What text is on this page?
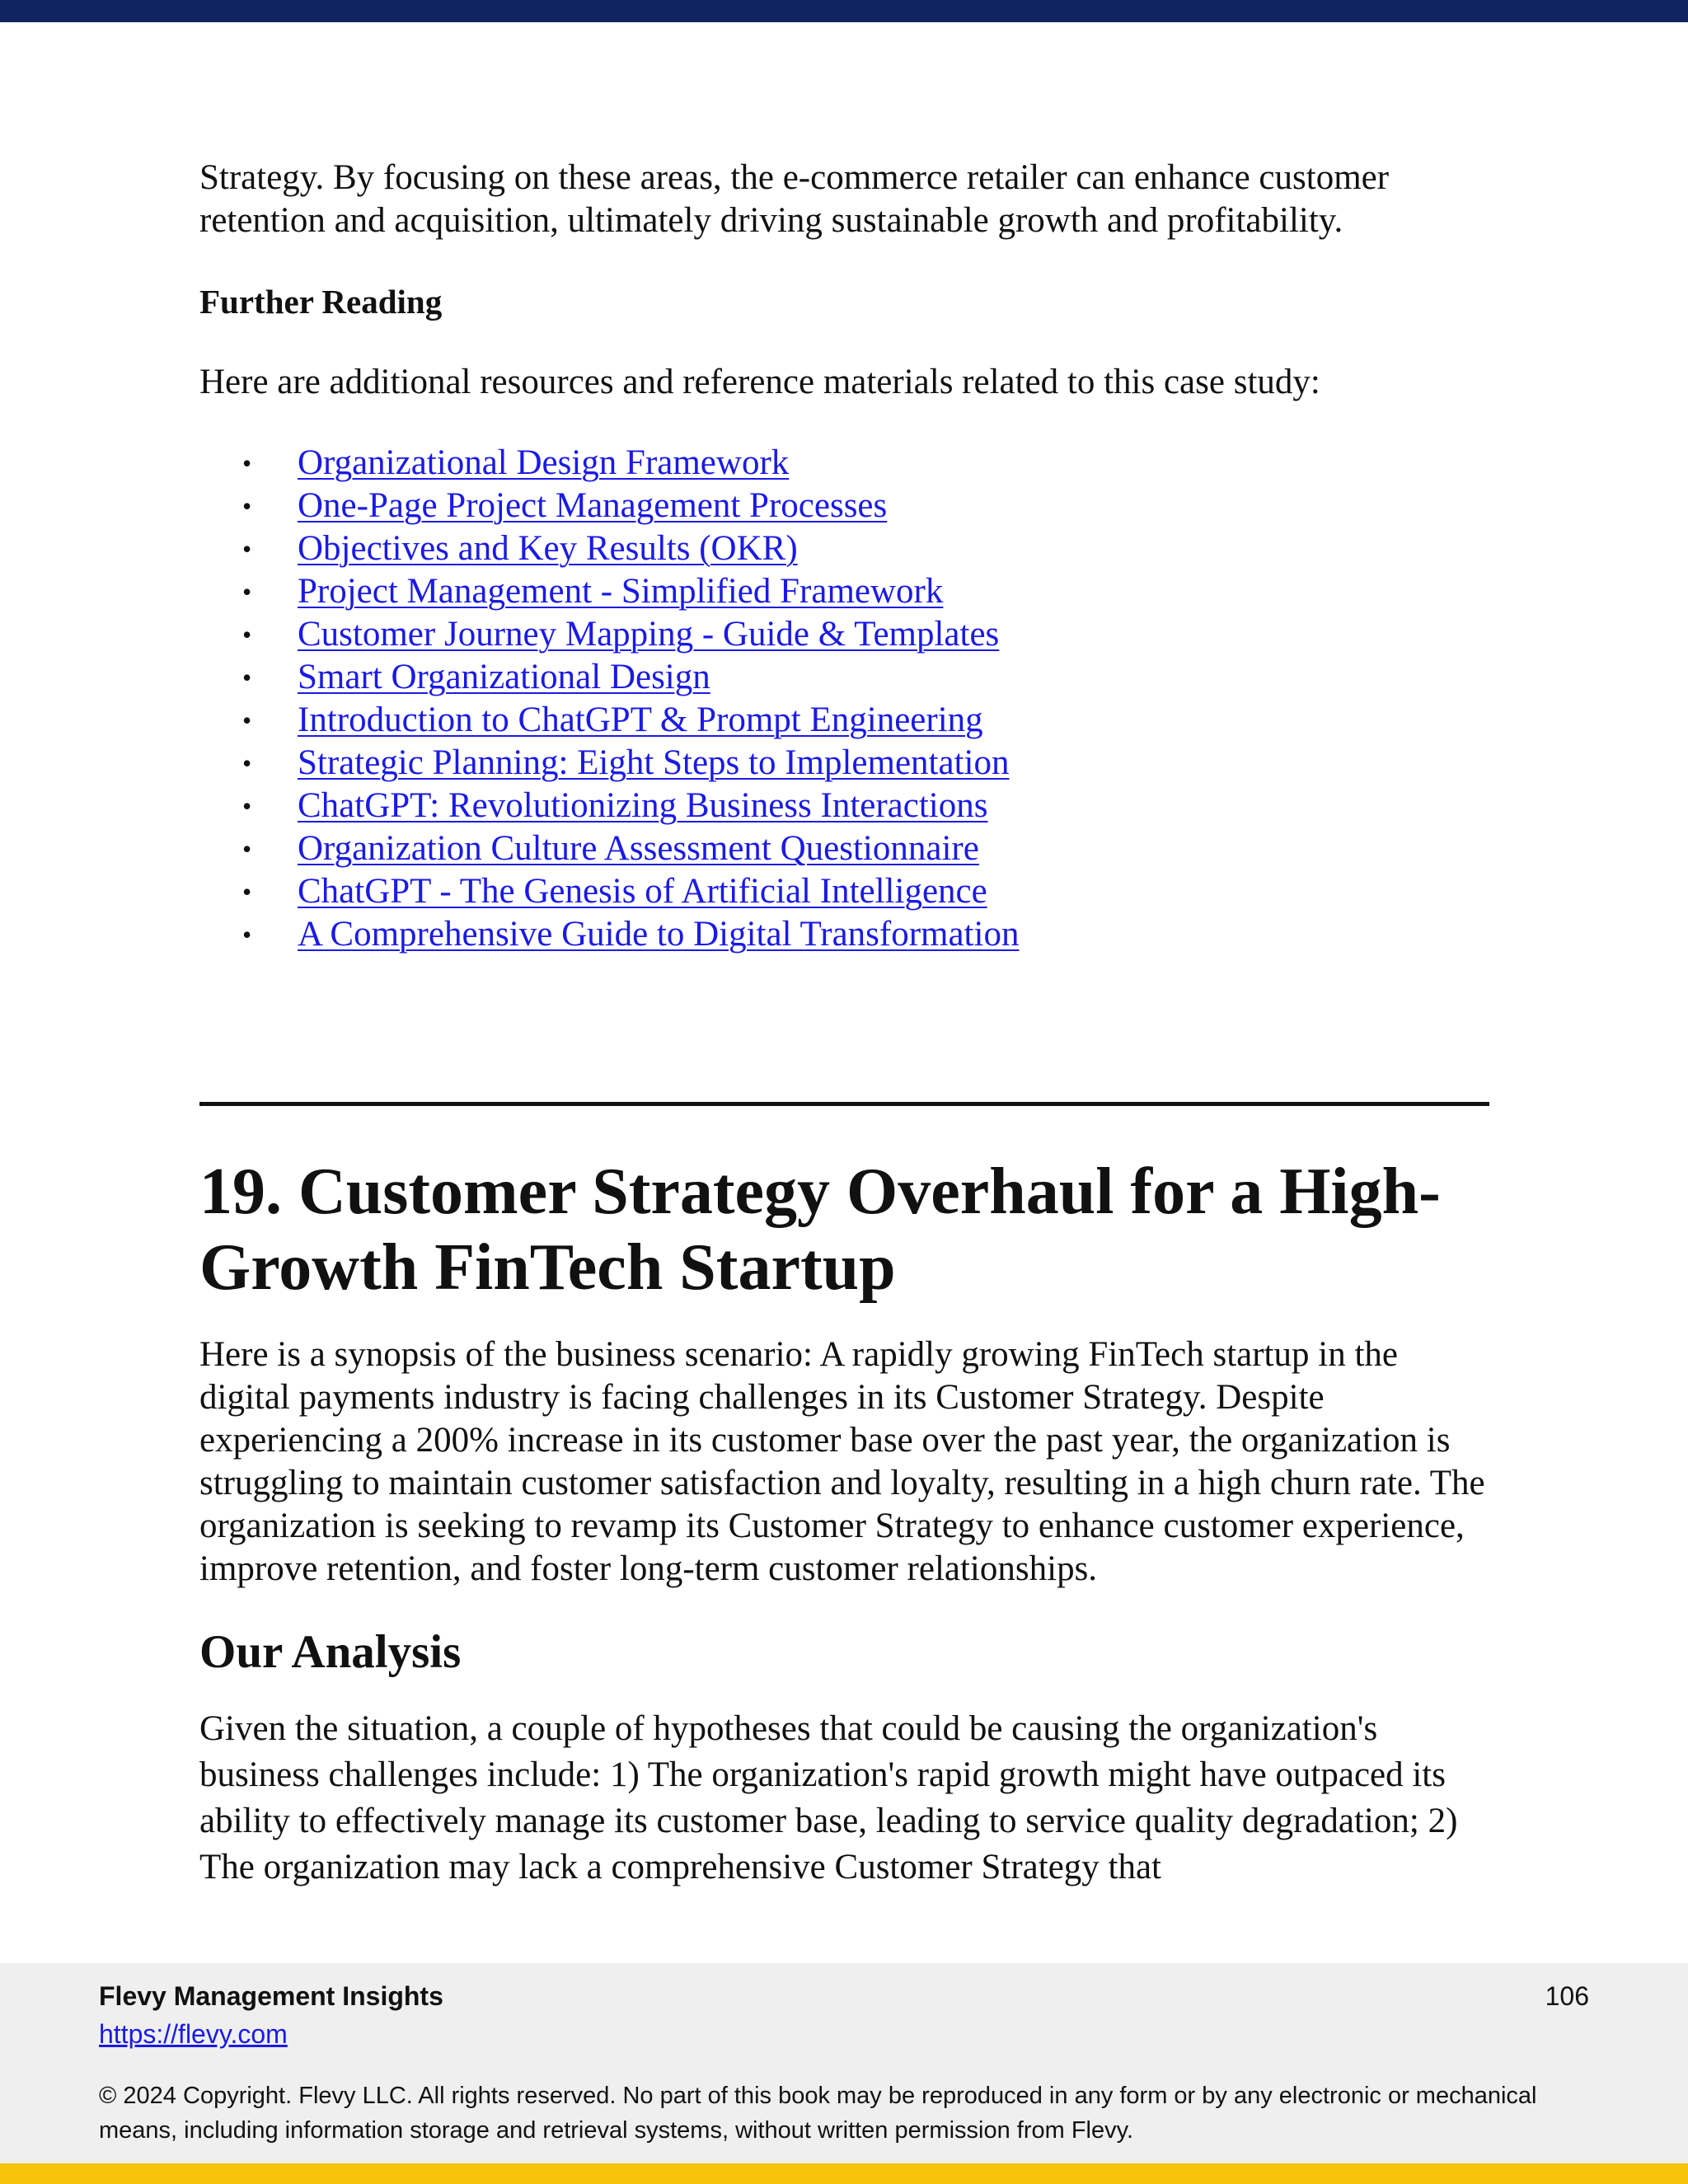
Strategy. By focusing on these areas, the e-commerce retailer can enhance customer retention and acquisition, ultimately driving sustainable growth and profitability.

Further Reading

Here are additional resources and reference materials related to this case study:

• Organizational Design Framework
• One-Page Project Management Processes
• Objectives and Key Results (OKR)
• Project Management - Simplified Framework
• Customer Journey Mapping - Guide & Templates
• Smart Organizational Design
• Introduction to ChatGPT & Prompt Engineering
• Strategic Planning: Eight Steps to Implementation
• ChatGPT: Revolutionizing Business Interactions
• Organization Culture Assessment Questionnaire
• ChatGPT - The Genesis of Artificial Intelligence
• A Comprehensive Guide to Digital Transformation
19. Customer Strategy Overhaul for a High-Growth FinTech Startup

Here is a synopsis of the business scenario: A rapidly growing FinTech startup in the digital payments industry is facing challenges in its Customer Strategy. Despite experiencing a 200% increase in its customer base over the past year, the organization is struggling to maintain customer satisfaction and loyalty, resulting in a high churn rate. The organization is seeking to revamp its Customer Strategy to enhance customer experience, improve retention, and foster long-term customer relationships.

Our Analysis

Given the situation, a couple of hypotheses that could be causing the organization's business challenges include: 1) The organization's rapid growth might have outpaced its ability to effectively manage its customer base, leading to service quality degradation; 2) The organization may lack a comprehensive Customer Strategy that

Flevy Management Insights
https://flevy.com
106
© 2024 Copyright. Flevy LLC. All rights reserved. No part of this book may be reproduced in any form or by any electronic or mechanical means, including information storage and retrieval systems, without written permission from Flevy.
